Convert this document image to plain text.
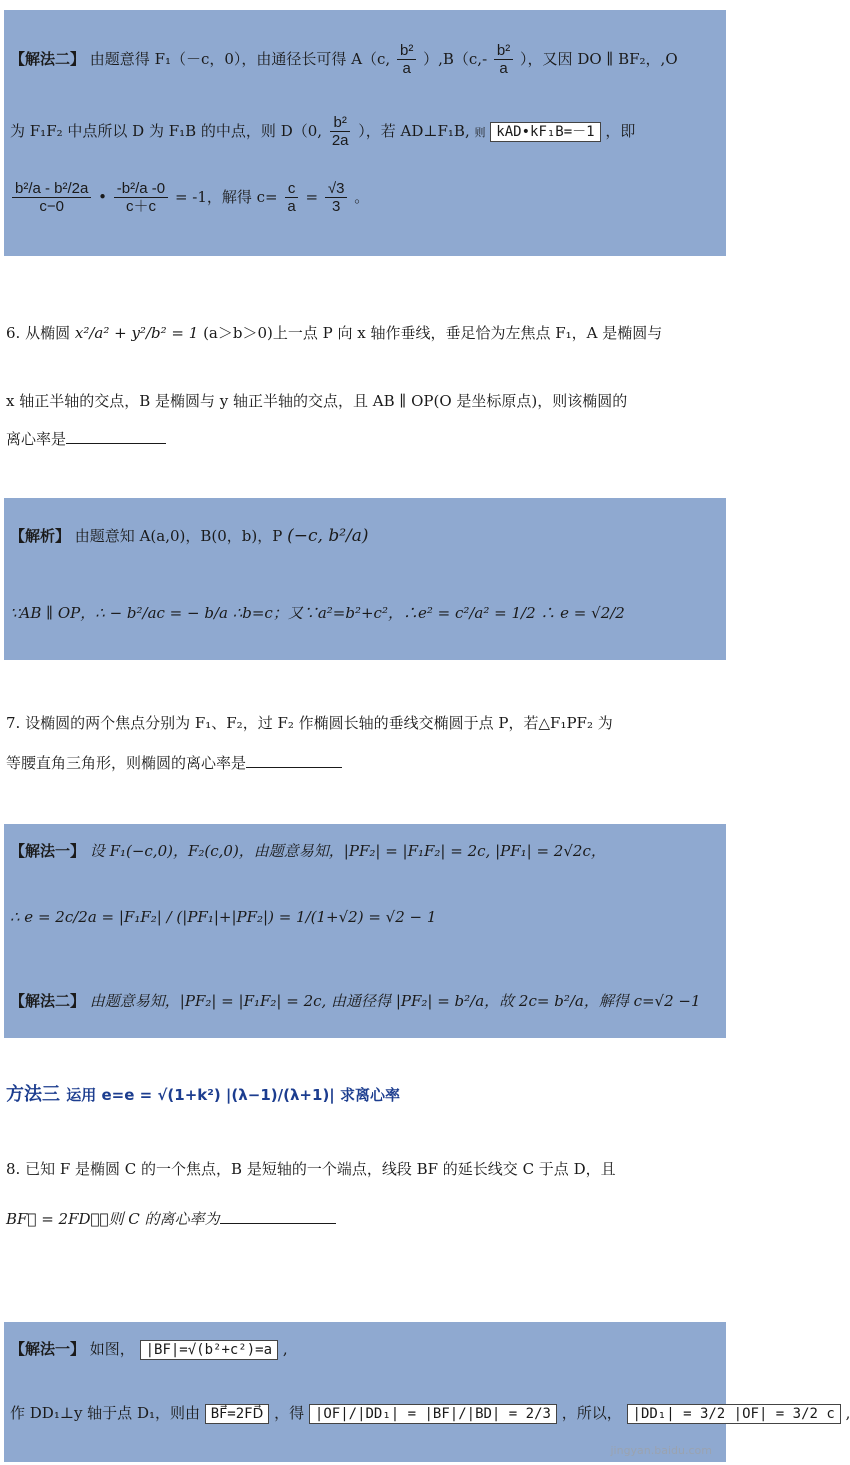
【解法二】 由题意得 F₁（－c，0），由通径长可得 A（c, $\frac{\text{b²}}{a} ),B(c,- \frac{\text{b²}}{a}$ ），又因 DO ∥ BF₂，,O
为 F₁F₂ 中点所以 D 为 F₁B 的中点，则 D（0, $\frac{\text{b²}}{2a}$ ），若 AD⊥F₁B, 则 kAD•kF₁B=－1 ，即
$\frac{\text{b²/a - b²/2a}}{c-0}$ • $\frac{\text{-b²/a -0}}{c+c} = -1$，解得 $c= \frac{c}{a} = \frac{√3}{3}$ 。
6. 从椭圆 x²/a² + y²/b² = 1 (a＞b＞0)上一点 P 向 x 轴作垂线，垂足恰为左焦点 F₁，A 是椭圆与
x 轴正半轴的交点，B 是椭圆与 y 轴正半轴的交点，且 AB ∥ OP(O 是坐标原点)，则该椭圆的
离心率是
【解析】 由题意知 A(a,0)，B(0，b)，P (−c, b²/a)
∵AB ∥ OP，∴ − b²/ac = − b/a ∴b=c；又∵a²=b²+c²，∴e² = c²/a² = 1/2 ∴ e = √2/2
7. 设椭圆的两个焦点分别为 F₁、F₂，过 F₂ 作椭圆长轴的垂线交椭圆于点 P，若△F₁PF₂ 为
等腰直角三角形，则椭圆的离心率是
【解法一】 设 F₁(−c,0)，F₂(c,0)，由题意易知，|PF₂| = |F₁F₂| = 2c, |PF₁| = 2√2c，
∴ e = 2c/2a = |F₁F₂| / (|PF₁|+|PF₂|) = 1/(1+√2) = √2 − 1
【解法二】 由题意易知，|PF₂| = |F₁F₂| = 2c, 由通径得 |PF₂| = b²/a，故 2c= b²/a，解得 c=√2 −1
方法三 运用 e=e = √(1+k²) |(λ−1)/(λ+1)| 求离心率
8. 已知 F 是椭圆 C 的一个焦点，B 是短轴的一个端点，线段 BF 的延长线交 C 于点 D，且
BF⃗ = 2FD⃗，则 C 的离心率为
【解法一】 如图， |BF|=√(b²+c²)=a ,
作 DD₁⊥y 轴于点 D₁，则由 BF⃗=2FD⃗ ，得 |OF|/|DD₁| = |BF|/|BD| = 2/3 ，所以， |DD₁| = 3/2 |OF| = 3/2 c ,
jingyan.baidu.com
